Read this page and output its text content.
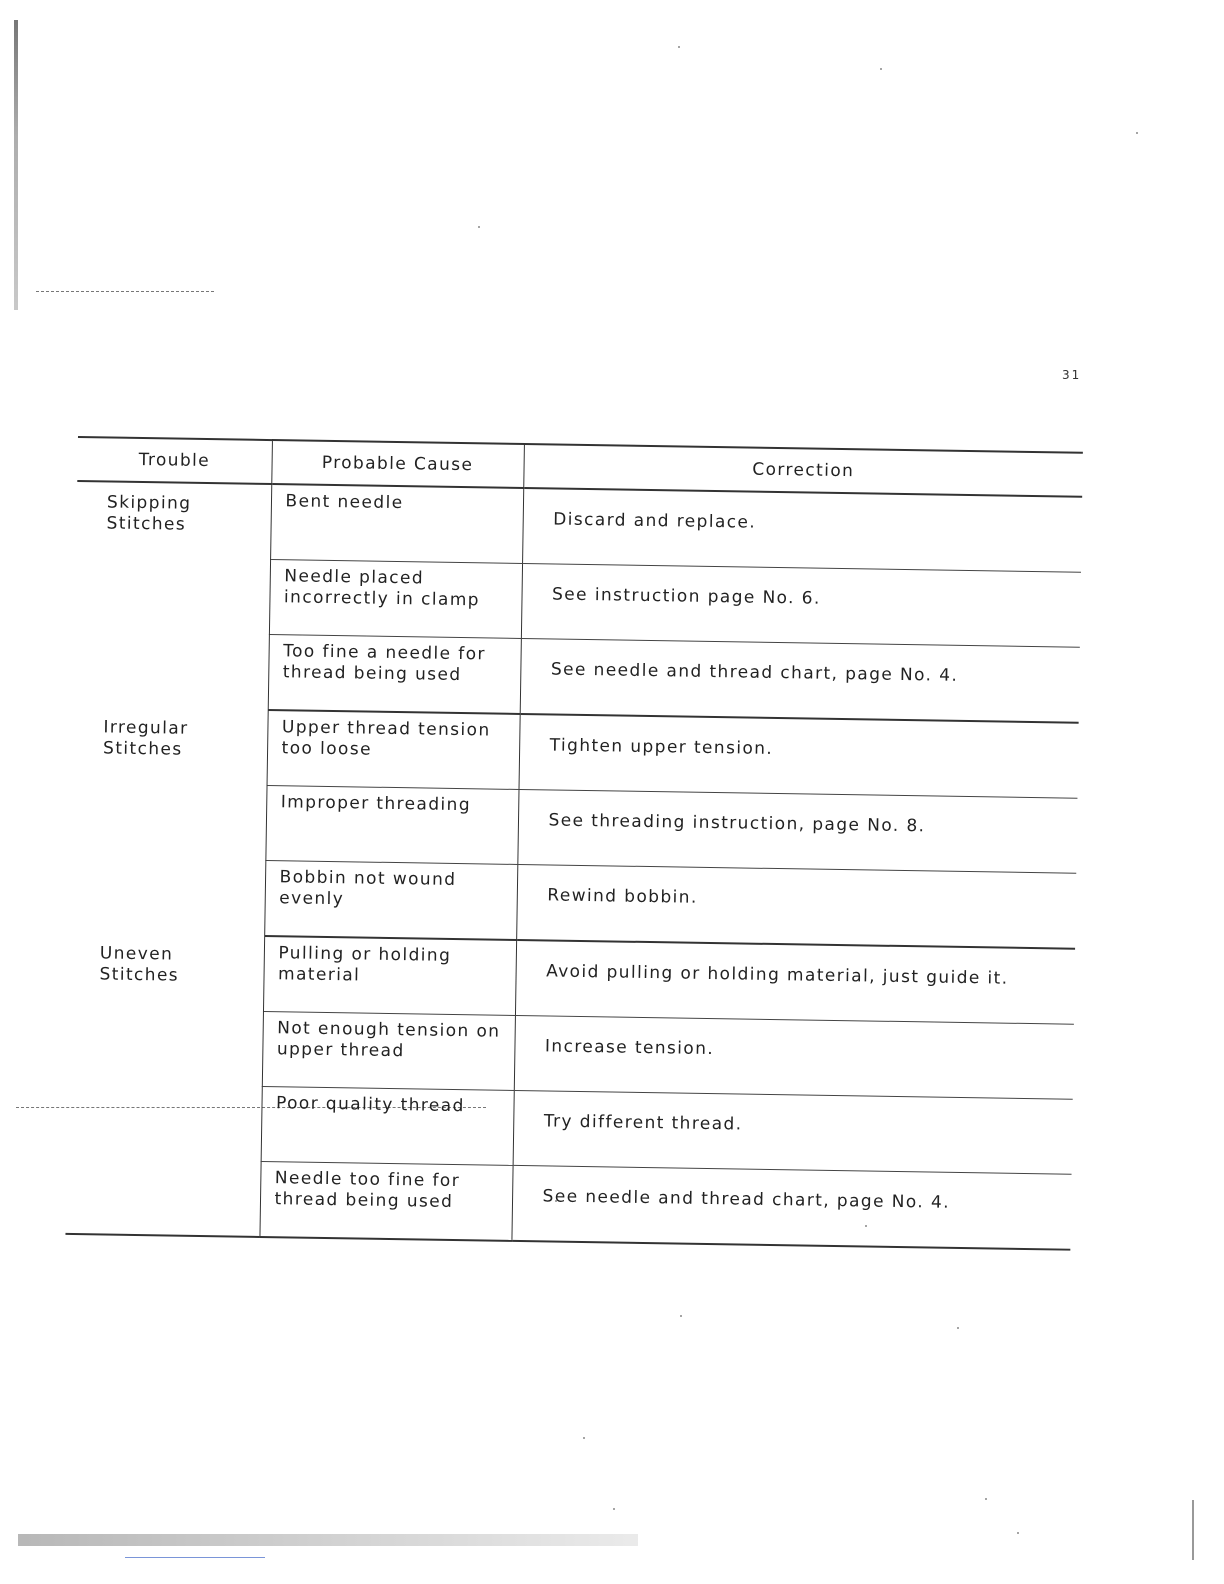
31
Trouble	Probable Cause	Correction
Skipping Stitches	Bent needle	Discard and replace.
	Needle placed incorrectly in clamp	See instruction page No. 6.
	Too fine a needle for thread being used	See needle and thread chart, page No. 4.
Irregular Stitches	Upper thread tension too loose	Tighten upper tension.
	Improper threading	See threading instruction, page No. 8.
	Bobbin not wound evenly	Rewind bobbin.
Uneven Stitches	Pulling or holding material	Avoid pulling or holding material, just guide it.
	Not enough tension on upper thread	Increase tension.
	Poor quality thread	Try different thread.
	Needle too fine for thread being used	See needle and thread chart, page No. 4.
